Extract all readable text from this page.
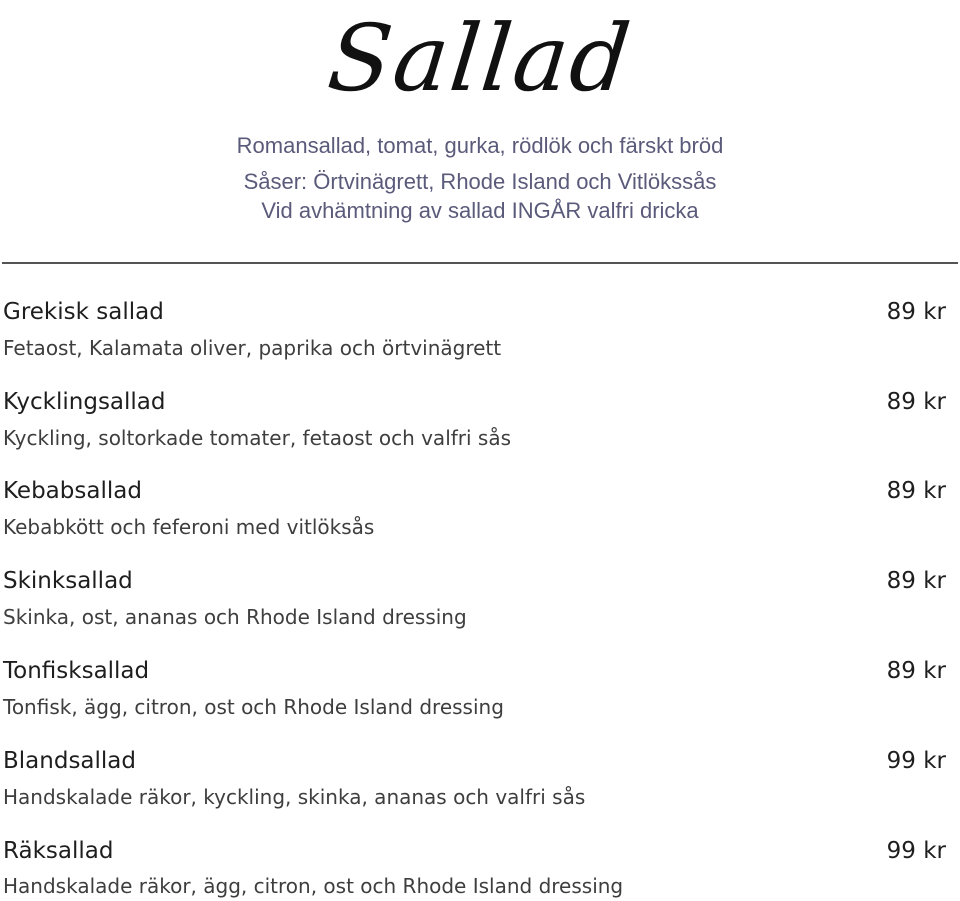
Sallad
Romansallad, tomat, gurka, rödlök och färskt bröd
Såser: Örtvinägrett, Rhode Island och Vitlökssås
Vid avhämtning av sallad INGÅR valfri dricka
Grekisk sallad
Fetaost, Kalamata oliver, paprika och örtvinägrett
89 kr
Kycklingsallad
Kyckling, soltorkade tomater, fetaost och valfri sås
89 kr
Kebabsallad
Kebabkött och feferoni med vitlöksås
89 kr
Skinksallad
Skinka, ost, ananas och Rhode Island dressing
89 kr
Tonfisksallad
Tonfisk, ägg, citron, ost och Rhode Island dressing
89 kr
Blandsallad
Handskalade räkor, kyckling, skinka, ananas och valfri sås
99 kr
Räksallad
Handskalade räkor, ägg, citron, ost och Rhode Island dressing
99 kr
